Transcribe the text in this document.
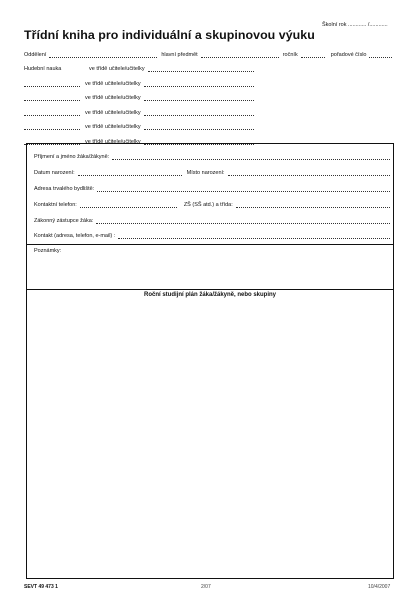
Školní rok ............ /............
Třídní kniha pro individuální a skupinovou výuku
Oddělení	hlavní předmět	ročník	pořadové číslo
Hudební nauka	ve třídě učitele/učitelky
ve třídě učitele/učitelky
ve třídě učitele/učitelky
ve třídě učitele/učitelky
ve třídě učitele/učitelky
ve třídě učitele/učitelky
Příjmení a jméno žáka/žákyně:
Datum narození:	Místo narození:
Adresa trvalého bydliště:
Kontaktní telefon:	ZŠ (SŠ atd.) a třída:
Zákonný zástupce žáka:
Kontakt (adresa, telefon, e-mail) :
Poznámky:
Roční studijní plán žáka/žákyně, nebo skupiny
SEVT 49 473 1	2/07	10/4/2007
